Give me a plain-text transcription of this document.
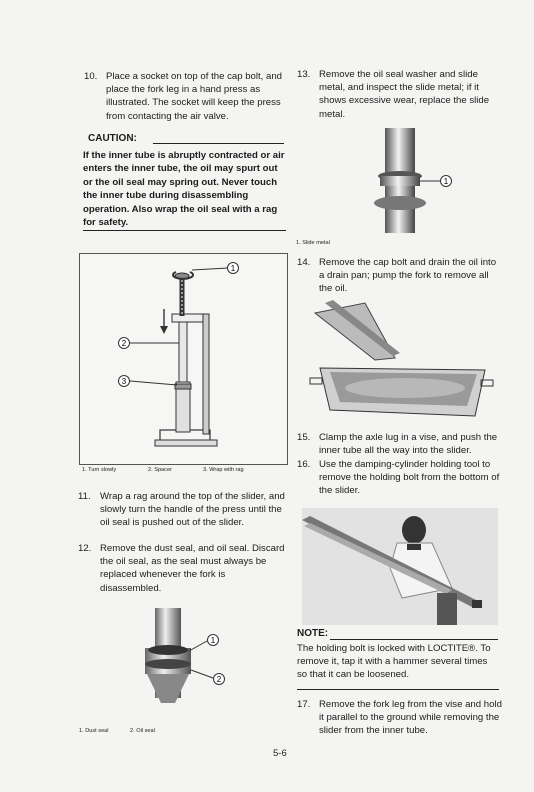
10. Place a socket on top of the cap bolt, and place the fork leg in a hand press as illustrated. The socket will keep the press from contacting the air valve.
CAUTION:
If the inner tube is abruptly contracted or air enters the inner tube, the oil may spurt out or the oil seal may spring out. Never touch the inner tube during disassembling operation. Also wrap the oil seal with a rag for safety.
1
2
3
1. Turn slowly	2. Spacer	3. Wrap with rag
11. Wrap a rag around the top of the slider, and slowly turn the handle of the press until the oil seal is pushed out of the slider.
12. Remove the dust seal, and oil seal. Discard the oil seal, as the seal must always be replaced whenever the fork is disassembled.
1
2
1. Dust seal	2. Oil seal
13. Remove the oil seal washer and slide metal, and inspect the slide metal; if it shows excessive wear, replace the slide metal.
1
1. Slide metal
14. Remove the cap bolt and drain the oil into a drain pan; pump the fork to remove all the oil.
15. Clamp the axle lug in a vise, and push the inner tube all the way into the slider.
16. Use the damping-cylinder holding tool to remove the holding bolt from the bottom of the slider.
NOTE:
The holding bolt is locked with LOCTITE®. To remove it, tap it with a hammer several times so that it can be loosened.
17. Remove the fork leg from the vise and hold it parallel to the ground while removing the slider from the inner tube.
5-6
